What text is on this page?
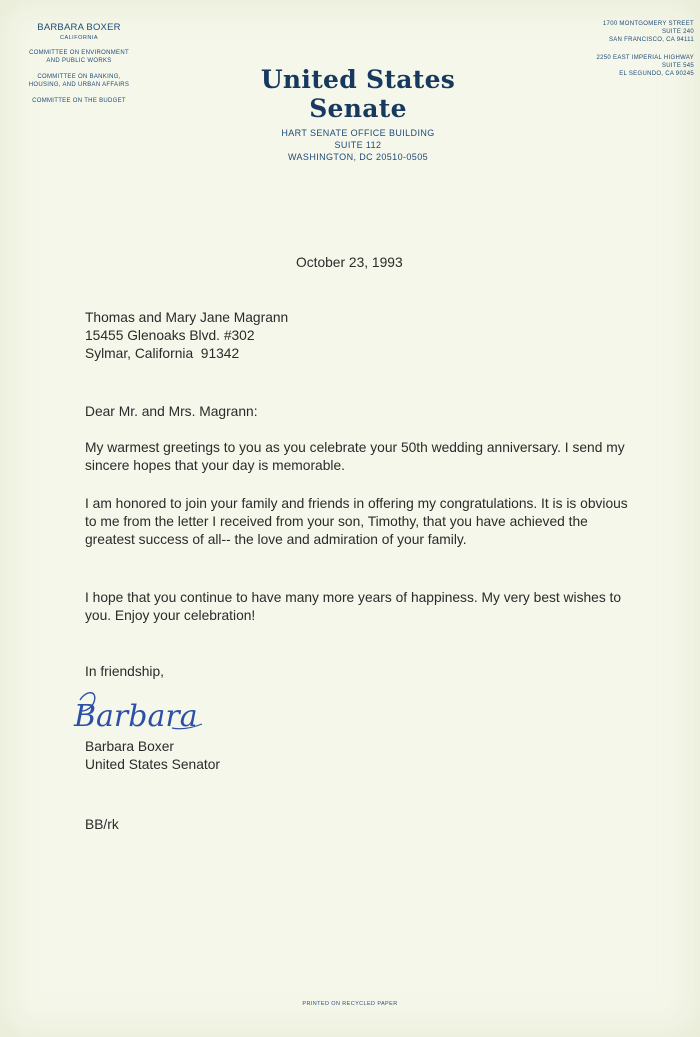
BARBARA BOXER
CALIFORNIA
COMMITTEE ON ENVIRONMENT
AND PUBLIC WORKS
COMMITTEE ON BANKING,
HOUSING, AND URBAN AFFAIRS
COMMITTEE ON THE BUDGET
United States Senate
HART SENATE OFFICE BUILDING
SUITE 112
WASHINGTON, DC 20510-0505
1700 MONTGOMERY STREET
SUITE 240
SAN FRANCISCO, CA 94111
2250 EAST IMPERIAL HIGHWAY
SUITE 545
EL SEGUNDO, CA 90245
October 23, 1993
Thomas and Mary Jane Magrann
15455 Glenoaks Blvd. #302
Sylmar, California  91342
Dear Mr. and Mrs. Magrann:
My warmest greetings to you as you celebrate your 50th wedding anniversary. I send my sincere hopes that your day is memorable.
I am honored to join your family and friends in offering my congratulations. It is is obvious to me from the letter I received from your son, Timothy, that you have achieved the greatest success of all-- the love and admiration of your family.
I hope that you continue to have many more years of happiness. My very best wishes to you. Enjoy your celebration!
In friendship,
Barbara
Barbara Boxer
United States Senator
BB/rk
PRINTED ON RECYCLED PAPER
